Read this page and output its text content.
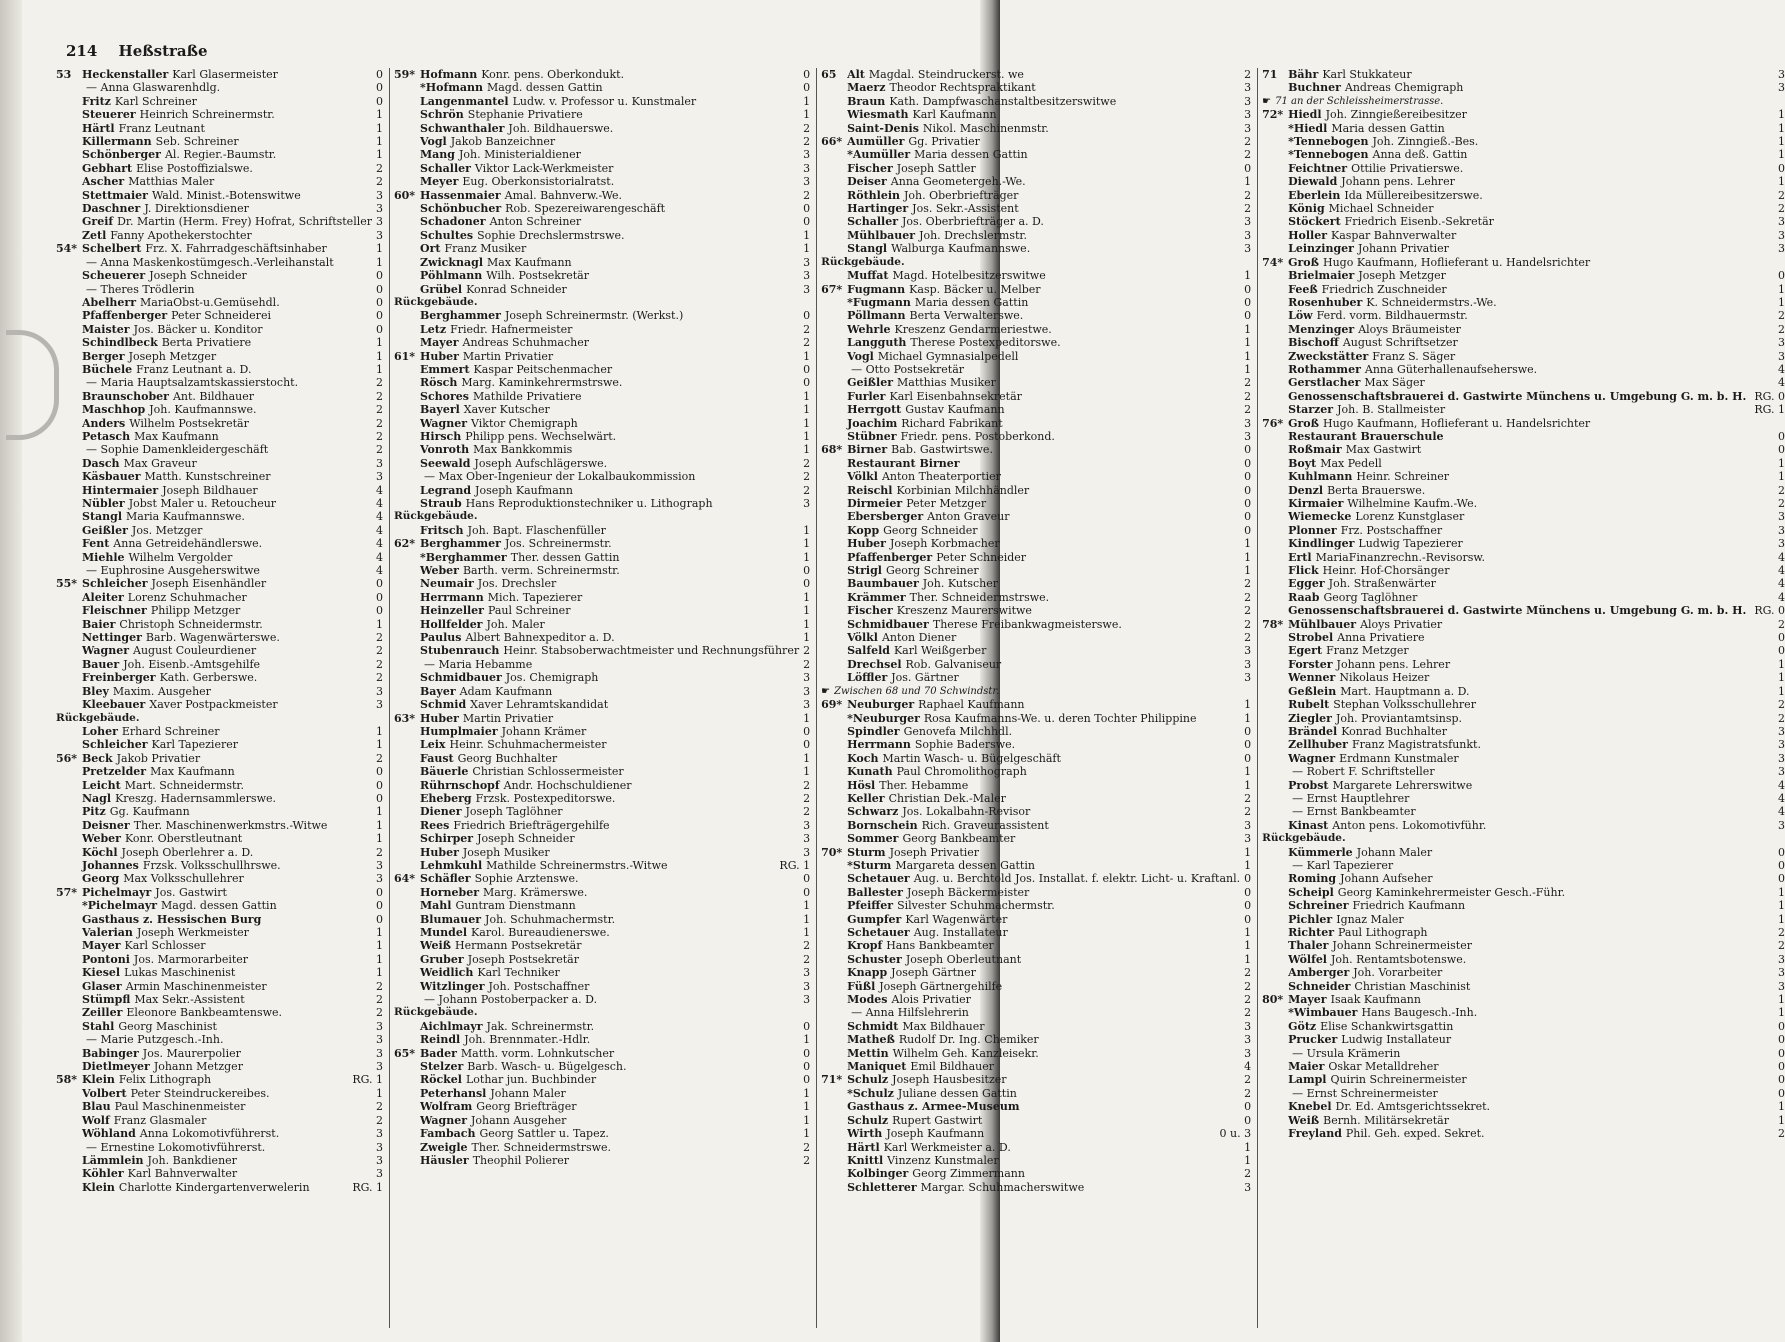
214 Heßstraße
53 Heckenstaller Karl Glasermeister	0
— Anna Glaswarenhdlg.	0
Fritz Karl Schreiner	0
Steuerer Heinrich Schreinermstr.	1
Härtl Franz Leutnant	1
Killermann Seb. Schreiner	1
Schönberger Al. Regier.-Baumstr.	1
Gebhart Elise Postoffizialswe.	2
Ascher Matthias Maler	2
Stettmaier Wald. Minist.-Botenswitwe	3
Daschner J. Direktionsdiener	3
Greif Dr. Martin (Herm. Frey) Hofrat, Schriftsteller 3
Zetl Fanny Apothekerstochter	3
54* Schelbert Frz. X. Fahrradgeschäftsinhaber	1
— Anna Maskenkostümgesch.-Verleihanstalt	1
Scheuerer Joseph Schneider	0
— Theres Trödlerin	0
Abelherr MariaObst-u.Gemüsehdl.	0
Pfaffenberger Peter Schneiderei	0
Maister Jos. Bäcker u. Konditor	0
Schindlbeck Berta Privatiere	1
Berger Joseph Metzger	1
Büchele Franz Leutnant a. D.	1
— Maria Hauptsalzamtskassierstocht.	2
Braunschober Ant. Bildhauer	2
Maschhop Joh. Kaufmannswe.	2
Anders Wilhelm Postsekretär	2
Petasch Max Kaufmann	2
— Sophie Damenkleidergeschäft	2
Dasch Max Graveur	3
Käsbauer Matth. Kunstschreiner	3
Hintermaier Joseph Bildhauer	4
Nübler Jobst Maler u. Retoucheur	4
Stangl Maria Kaufmannswe.	4
Geißler Jos. Metzger	4
Fent Anna Getreidehändlerswe.	4
Miehle Wilhelm Vergolder	4
— Euphrosine Ausgeherswitwe	4
55* Schleicher Joseph Eisenhändler	0
Aleiter Lorenz Schuhmacher	0
Fleischner Philipp Metzger	0
Baier Christoph Schneidermstr.	1
Nettinger Barb. Wagenwärterswe.	2
Wagner August Couleurdiener	2
Bauer Joh. Eisenb.-Amtsgehilfe	2
Freinberger Kath. Gerberswe.	2
Bley Maxim. Ausgeher	3
Kleebauer Xaver Postpackmeister	3
Rückgebäude.
Loher Erhard Schreiner	1
Schleicher Karl Tapezierer	1
56* Beck Jakob Privatier	2
Pretzelder Max Kaufmann	0
Leicht Mart. Schneidermstr.	0
Nagl Kreszg. Hadernsammlerswe.	0
Pitz Gg. Kaufmann	1
Deisner Ther. Maschinenwerkmstrs.-Witwe	1
Weber Konr. Oberstleutnant	1
Köchl Joseph Oberlehrer a. D.	2
Johannes Frzsk. Volksschullhrswe.	3
Georg Max Volksschullehrer	3
57* Pichelmayr Jos. Gastwirt	0
*Pichelmayr Magd. dessen Gattin	0
Gasthaus z. Hessischen Burg	0
Valerian Joseph Werkmeister	1
Mayer Karl Schlosser	1
Pontoni Jos. Marmorarbeiter	1
Kiesel Lukas Maschinenist	1
Glaser Armin Maschinenmeister	2
Stümpfl Max Sekr.-Assistent	2
Zeiller Eleonore Bankbeamtenswe.	2
Stahl Georg Maschinist	3
— Marie Putzgesch.-Inh.	3
Babinger Jos. Maurerpolier	3
Dietlmeyer Johann Metzger	3
58* Klein Felix Lithograph	RG. 1
Volbert Peter Steindruckereibes.	1
Blau Paul Maschinenmeister	2
Wolf Franz Glasmaler	2
Wöhland Anna Lokomotivführerst.	3
— Ernestine Lokomotivführerst.	3
Lämmlein Joh. Bankdiener	3
Köhler Karl Bahnverwalter	3
Klein Charlotte Kindergartenverwelerin	RG. 1
59* Hofmann Konr. pens. Oberkondukt.	0
*Hofmann Magd. dessen Gattin	0
Langenmantel Ludw. v. Professor u. Kunstmaler	1
Schrön Stephanie Privatiere	1
Schwanthaler Joh. Bildhauerswe.	2
Vogl Jakob Banzeichner	2
Mang Joh. Ministerialdiener	3
Schaller Viktor Lack-Werkmeister	3
Meyer Eug. Oberkonsistorialratst.	3
60* Hassenmaier Amal. Bahnverw.-We.	2
Schönbucher Rob. Spezereiwarengeschäft	0
Schadoner Anton Schreiner	0
Schultes Sophie Drechslermstrswe.	1
Ort Franz Musiker	1
Zwicknagl Max Kaufmann	3
Pöhlmann Wilh. Postsekretär	3
Grübel Konrad Schneider	3
Rückgebäude.
Berghammer Joseph Schreinermstr. (Werkst.)	0
Letz Friedr. Hafnermeister	2
Mayer Andreas Schuhmacher	2
61* Huber Martin Privatier	1
Emmert Kaspar Peitschenmacher	0
Rösch Marg. Kaminkehrermstrswe.	0
Schores Mathilde Privatiere	1
Bayerl Xaver Kutscher	1
Wagner Viktor Chemigraph	1
Hirsch Philipp pens. Wechselwärt.	1
Vonroth Max Bankkommis	1
Seewald Joseph Aufschlägerswe.	2
— Max Ober-Ingenieur der Lokalbaukommission	2
Legrand Joseph Kaufmann	2
Straub Hans Reproduktionstechniker u. Lithograph	3
Rückgebäude.
Fritsch Joh. Bapt. Flaschenfüller	1
62* Berghammer Jos. Schreinermstr.	1
*Berghammer Ther. dessen Gattin	1
Weber Barth. verm. Schreinermstr.	0
Neumair Jos. Drechsler	0
Herrmann Mich. Tapezierer	1
Heinzeller Paul Schreiner	1
Hollfelder Joh. Maler	1
Paulus Albert Bahnexpeditor a. D.	1
Stubenrauch Heinr. Stabsoberwachtmeister und Rechnungsführer 2
— Maria Hebamme	2
Schmidbauer Jos. Chemigraph	3
Bayer Adam Kaufmann	3
Schmid Xaver Lehramtskandidat	3
63* Huber Martin Privatier	1
Humplmaier Johann Krämer	0
Leix Heinr. Schuhmachermeister	0
Faust Georg Buchhalter	1
Bäuerle Christian Schlossermeister	1
Rührnschopf Andr. Hochschuldiener	2
Eheberg Frzsk. Postexpeditorswe.	2
Diener Joseph Taglöhner	2
Rees Friedrich Briefträgergehilfe	3
Schirper Joseph Schneider	3
Huber Joseph Musiker	3
Lehmkuhl Mathilde Schreinermstrs.-Witwe	RG. 1
64* Schäfler Sophie Arztenswe.	0
Horneber Marg. Krämerswe.	0
Mahl Guntram Dienstmann	1
Blumauer Joh. Schuhmachermstr.	1
Mundel Karol. Bureaudienerswe.	1
Weiß Hermann Postsekretär	2
Gruber Joseph Postsekretär	2
Weidlich Karl Techniker	3
Witzlinger Joh. Postschaffner	3
— Johann Postoberpacker a. D.	3
Rückgebäude.
Aichlmayr Jak. Schreinermstr.	0
Reindl Joh. Brennmater.-Hdlr.	1
65* Bader Matth. vorm. Lohnkutscher	0
Stelzer Barb. Wasch- u. Bügelgesch.	0
Röckel Lothar jun. Buchbinder	0
Peterhansl Johann Maler	1
Wolfram Georg Briefträger	1
Wagner Johann Ausgeher	1
Fambach Georg Sattler u. Tapez.	1
Zweigle Ther. Schneidermstrswe.	2
Häusler Theophil Polierer	2
65 Alt Magdal. Steindruckerst. we	2
Maerz Theodor Rechtspraktikant	3
Braun Kath. Dampfwaschanstaltbesitzerswitwe	3
Wiesmath Karl Kaufmann	3
Saint-Denis Nikol. Maschinenmstr.	3
66* Aumüller Gg. Privatier	2
*Aumüller Maria dessen Gattin	2
Fischer Joseph Sattler	0
Deiser Anna Geometergeh.-We.	1
Röthlein Joh. Oberbriefträger	2
Hartinger Jos. Sekr.-Assistent	2
Schaller Jos. Oberbriefträger a. D.	3
Mühlbauer Joh. Drechslermstr.	3
Stangl Walburga Kaufmannswe.	3
Rückgebäude.
Muffat Magd. Hotelbesitzerswitwe	1
67* Fugmann Kasp. Bäcker u. Melber	0
*Fugmann Maria dessen Gattin	0
Pöllmann Berta Verwalterswe.	0
Wehrle Kreszenz Gendarmeriestwe.	1
Langguth Therese Postexpeditorswe.	1
Vogl Michael Gymnasialpedell	1
— Otto Postsekretär	1
Geißler Matthias Musiker	2
Furler Karl Eisenbahnsekretär	2
Herrgott Gustav Kaufmann	2
Joachim Richard Fabrikant	3
Stübner Friedr. pens. Postoberkond.	3
68* Birner Bab. Gastwirtswe.	0
Restaurant Birner	0
Völkl Anton Theaterportier	0
Reischl Korbinian Milchhändler	0
Dirmeier Peter Metzger	0
Ebersberger Anton Graveur	0
Kopp Georg Schneider	0
Huber Joseph Korbmacher	1
Pfaffenberger Peter Schneider	1
Strigl Georg Schreiner	1
Baumbauer Joh. Kutscher	2
Krämmer Ther. Schneidermstrswe.	2
Fischer Kreszenz Maurerswitwe	2
Schmidbauer Therese Freibankwagmeisterswe.	2
Völkl Anton Diener	2
Salfeld Karl Weißgerber	3
Drechsel Rob. Galvaniseur	3
Löffler Jos. Gärtner	3
☛ Zwischen 68 und 70 Schwindstr.
69* Neuburger Raphael Kaufmann	1
*Neuburger Rosa Kaufmanns-We. u. deren Tochter Philippine	1
Spindler Genovefa Milchhdl.	0
Herrmann Sophie Baderswe.	0
Koch Martin Wasch- u. Bügelgeschäft	0
Kunath Paul Chromolithograph	1
Hösl Ther. Hebamme	1
Keller Christian Dek.-Maler	2
Schwarz Jos. Lokalbahn-Revisor	2
Bornschein Rich. Graveurassistent	3
Sommer Georg Bankbeamter	3
70* Sturm Joseph Privatier	1
*Sturm Margareta dessen Gattin	1
Schetauer Aug. u. Berchtold Jos. Installat. f. elektr. Licht- u. Kraftanl. 0
Ballester Joseph Bäckermeister	0
Pfeiffer Silvester Schuhmachermstr.	0
Gumpfer Karl Wagenwärter	0
Schetauer Aug. Installateur	1
Kropf Hans Bankbeamter	1
Schuster Joseph Oberleutnant	1
Knapp Joseph Gärtner	2
Füßl Joseph Gärtnergehilfe	2
Modes Alois Privatier	2
— Anna Hilfslehrerin	2
Schmidt Max Bildhauer	3
Matheß Rudolf Dr. Ing. Chemiker	3
Mettin Wilhelm Geh. Kanzleisekr.	3
Maniquet Emil Bildhauer	4
71* Schulz Joseph Hausbesitzer	2
*Schulz Juliane dessen Gattin	2
Gasthaus z. Armee-Museum	0
Schulz Rupert Gastwirt	0
Wirth Joseph Kaufmann	0 u. 3
Härtl Karl Werkmeister a. D.	1
Knittl Vinzenz Kunstmaler	1
Kolbinger Georg Zimmermann	2
Schletterer Margar. Schuhmacherswitwe	3
71 Bähr Karl Stukkateur	3
Buchner Andreas Chemigraph	3
☛ 71 an der Schleissheimerstrasse.
72* Hiedl Joh. Zinngießereibesitzer	1
*Hiedl Maria dessen Gattin	1
*Tennebogen Joh. Zinngieß.-Bes.	1
*Tennebogen Anna deß. Gattin	1
Feichtner Ottilie Privatierswe.	0
Diewald Johann pens. Lehrer	1
Eberlein Ida Müllereibesitzerswe.	2
König Michael Schneider	2
Stöckert Friedrich Eisenb.-Sekretär	3
Holler Kaspar Bahnverwalter	3
Leinzinger Johann Privatier	3
74* Groß Hugo Kaufmann, Hoflieferant u. Handelsrichter
Brielmaier Joseph Metzger	0
Feeß Friedrich Zuschneider	1
Rosenhuber K. Schneidermstrs.-We.	1
Löw Ferd. vorm. Bildhauermstr.	2
Menzinger Aloys Bräumeister	2
Bischoff August Schriftsetzer	3
Zweckstätter Franz S. Säger	3
Rothammer Anna Güterhallenaufseherswe.	4
Gerstlacher Max Säger	4
Genossenschaftsbrauerei d. Gastwirte Münchens u. Umgebung G. m. b. H. RG. 0
Starzer Joh. B. Stallmeister	RG. 1
76* Groß Hugo Kaufmann, Hoflieferant u. Handelsrichter
Restaurant Brauerschule	0
Roßmair Max Gastwirt	0
Boyt Max Pedell	1
Kuhlmann Heinr. Schreiner	1
Denzl Berta Brauerswe.	2
Kirmaier Wilhelmine Kaufm.-We.	2
Wiemecke Lorenz Kunstglaser	3
Plonner Frz. Postschaffner	3
Kindlinger Ludwig Tapezierer	3
Ertl MariaFinanzrechn.-Revisorsw.	4
Flick Heinr. Hof-Chorsänger	4
Egger Joh. Straßenwärter	4
Raab Georg Taglöhner	4
Genossenschaftsbrauerei d. Gastwirte Münchens u. Umgebung G. m. b. H. RG. 0
78* Mühlbauer Aloys Privatier	2
Strobel Anna Privatiere	0
Egert Franz Metzger	0
Forster Johann pens. Lehrer	1
Wenner Nikolaus Heizer	1
Geßlein Mart. Hauptmann a. D.	1
Rubelt Stephan Volksschullehrer	2
Ziegler Joh. Proviantamtsinsp.	2
Brändel Konrad Buchhalter	3
Zellhuber Franz Magistratsfunkt.	3
Wagner Erdmann Kunstmaler	3
— Robert F. Schriftsteller	3
Probst Margarete Lehrerswitwe	4
— Ernst Hauptlehrer	4
— Ernst Bankbeamter	4
Kinast Anton pens. Lokomotivführ.	3
Rückgebäude.
Kümmerle Johann Maler	0
— Karl Tapezierer	0
Roming Johann Aufseher	0
Scheipl Georg Kaminkehrermeister Gesch.-Führ.	1
Schreiner Friedrich Kaufmann	1
Pichler Ignaz Maler	1
Richter Paul Lithograph	2
Thaler Johann Schreinermeister	2
Wölfel Joh. Rentamtsbotenswe.	3
Amberger Joh. Vorarbeiter	3
Schneider Christian Maschinist	3
80* Mayer Isaak Kaufmann	1
*Wimbauer Hans Baugesch.-Inh.	1
Götz Elise Schankwirtsgattin	0
Prucker Ludwig Installateur	0
— Ursula Krämerin	0
Maier Oskar Metalldreher	0
Lampl Quirin Schreinermeister	0
— Ernst Schreinermeister	0
Knebel Dr. Ed. Amtsgerichtssekret.	1
Weiß Bernh. Militärsekretär	1
Freyland Phil. Geh. exped. Sekret.	2
